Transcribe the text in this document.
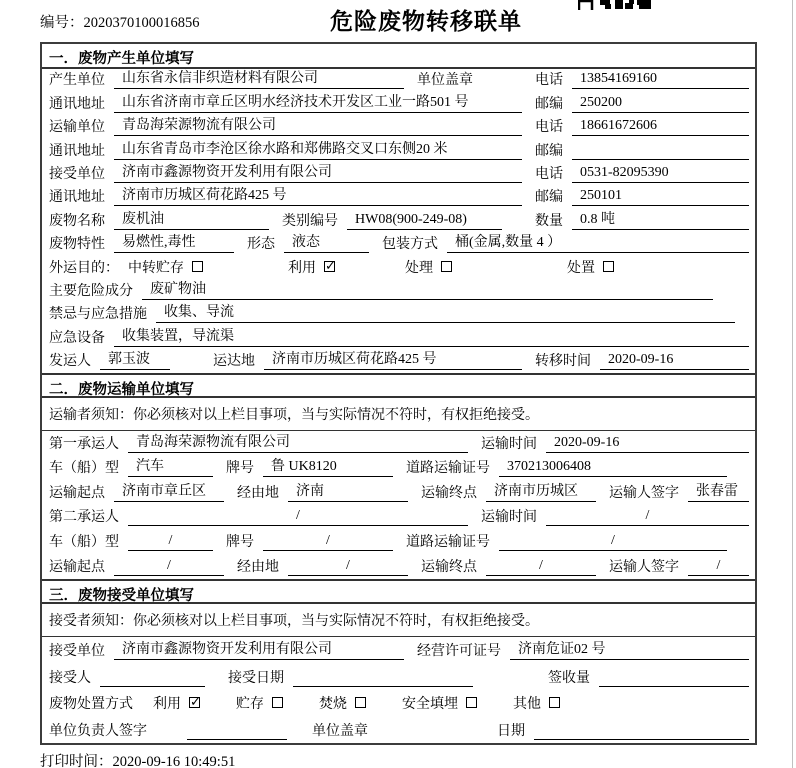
编号：2020370100016856	危险废物转移联单
一．废物产生单位填写
产生单位	山东省永信非织造材料有限公司	单位盖章	电话	13854169160
通讯地址	山东省济南市章丘区明水经济技术开发区工业一路501 号	邮编	250200
运输单位	青岛海荣源物流有限公司	电话	18661672606
通讯地址	山东省青岛市李沧区徐水路和郑佛路交叉口东侧20 米	邮编
接受单位	济南市鑫源物资开发利用有限公司	电话	0531-82095390
通讯地址	济南市历城区荷花路425 号	邮编	250101
废物名称	废机油	类别编号	HW08(900-249-08)	数量	0.8 吨
废物特性	易燃性,毒性	形态	液态	包装方式	桶(金属,数量 4 ）
外运目的： 中转贮存	利用 ✓	处理	处置
主要危险成分	废矿物油
禁忌与应急措施	收集、导流
应急设备	收集装置，导流渠
发运人	郭玉波	运达地	济南市历城区荷花路425 号	转移时间	2020-09-16
二．废物运输单位填写
运输者须知：你必须核对以上栏目事项，当与实际情况不符时，有权拒绝接受。
第一承运人	青岛海荣源物流有限公司	运输时间	2020-09-16
车（船）型	汽车	牌号	鲁 UK8120	道路运输证号	370213006408
运输起点	济南市章丘区	经由地	济南	运输终点	济南市历城区	运输人签字	张春雷
第二承运人	/	运输时间	/
车（船）型	/	牌号	/	道路运输证号	/
运输起点	/	经由地	/	运输终点	/	运输人签字	/
三．废物接受单位填写
接受者须知：你必须核对以上栏目事项，当与实际情况不符时，有权拒绝接受。
接受单位	济南市鑫源物资开发利用有限公司	经营许可证号	济南危证02 号
接受人	接受日期	签收量
废物处置方式 利用 ✓	贮存	焚烧	安全填埋	其他
单位负责人签字	单位盖章	日期
打印时间：2020-09-16 10:49:51
